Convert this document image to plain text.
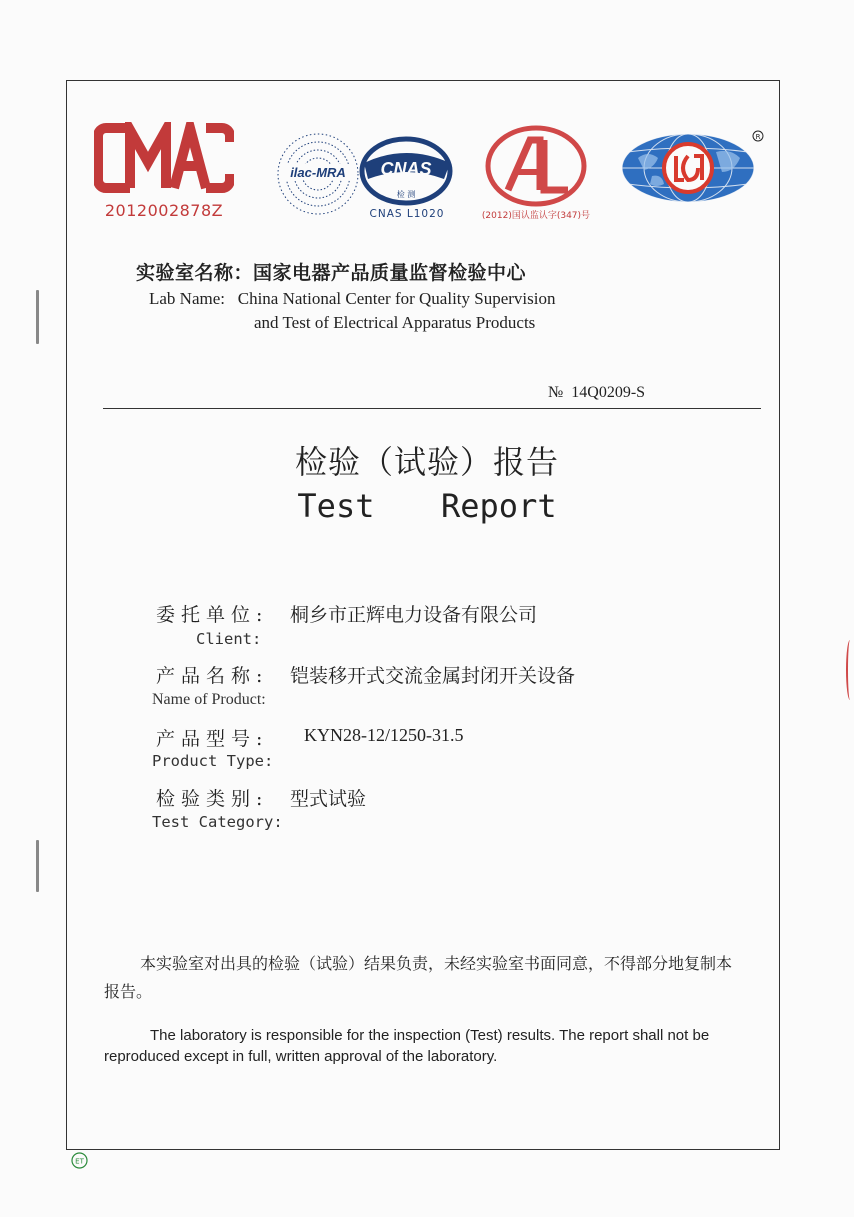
2012002878Z
ilac-MRA CNAS
检 测
CNAS L1020	(2012)国认监认字(347)号
R
实验室名称：国家电器产品质量监督检验中心
Lab Name:   China National Center for Quality Supervision
and Test of Electrical Apparatus Products
№  14Q0209-S
检验（试验）报告
Test  Report
委托单位: 桐乡市正辉电力设备有限公司
Client:
产品名称: 铠装移开式交流金属封闭开关设备
Name of Product:
产品型号: KYN28-12/1250-31.5
Product Type:
检验类别: 型式试验
Test Category:
本实验室对出具的检验（试验）结果负责，未经实验室书面同意，不得部分地复制本报告。
The laboratory is responsible for the inspection (Test) results. The report shall not be reproduced except in full, written approval of the laboratory.
ET
